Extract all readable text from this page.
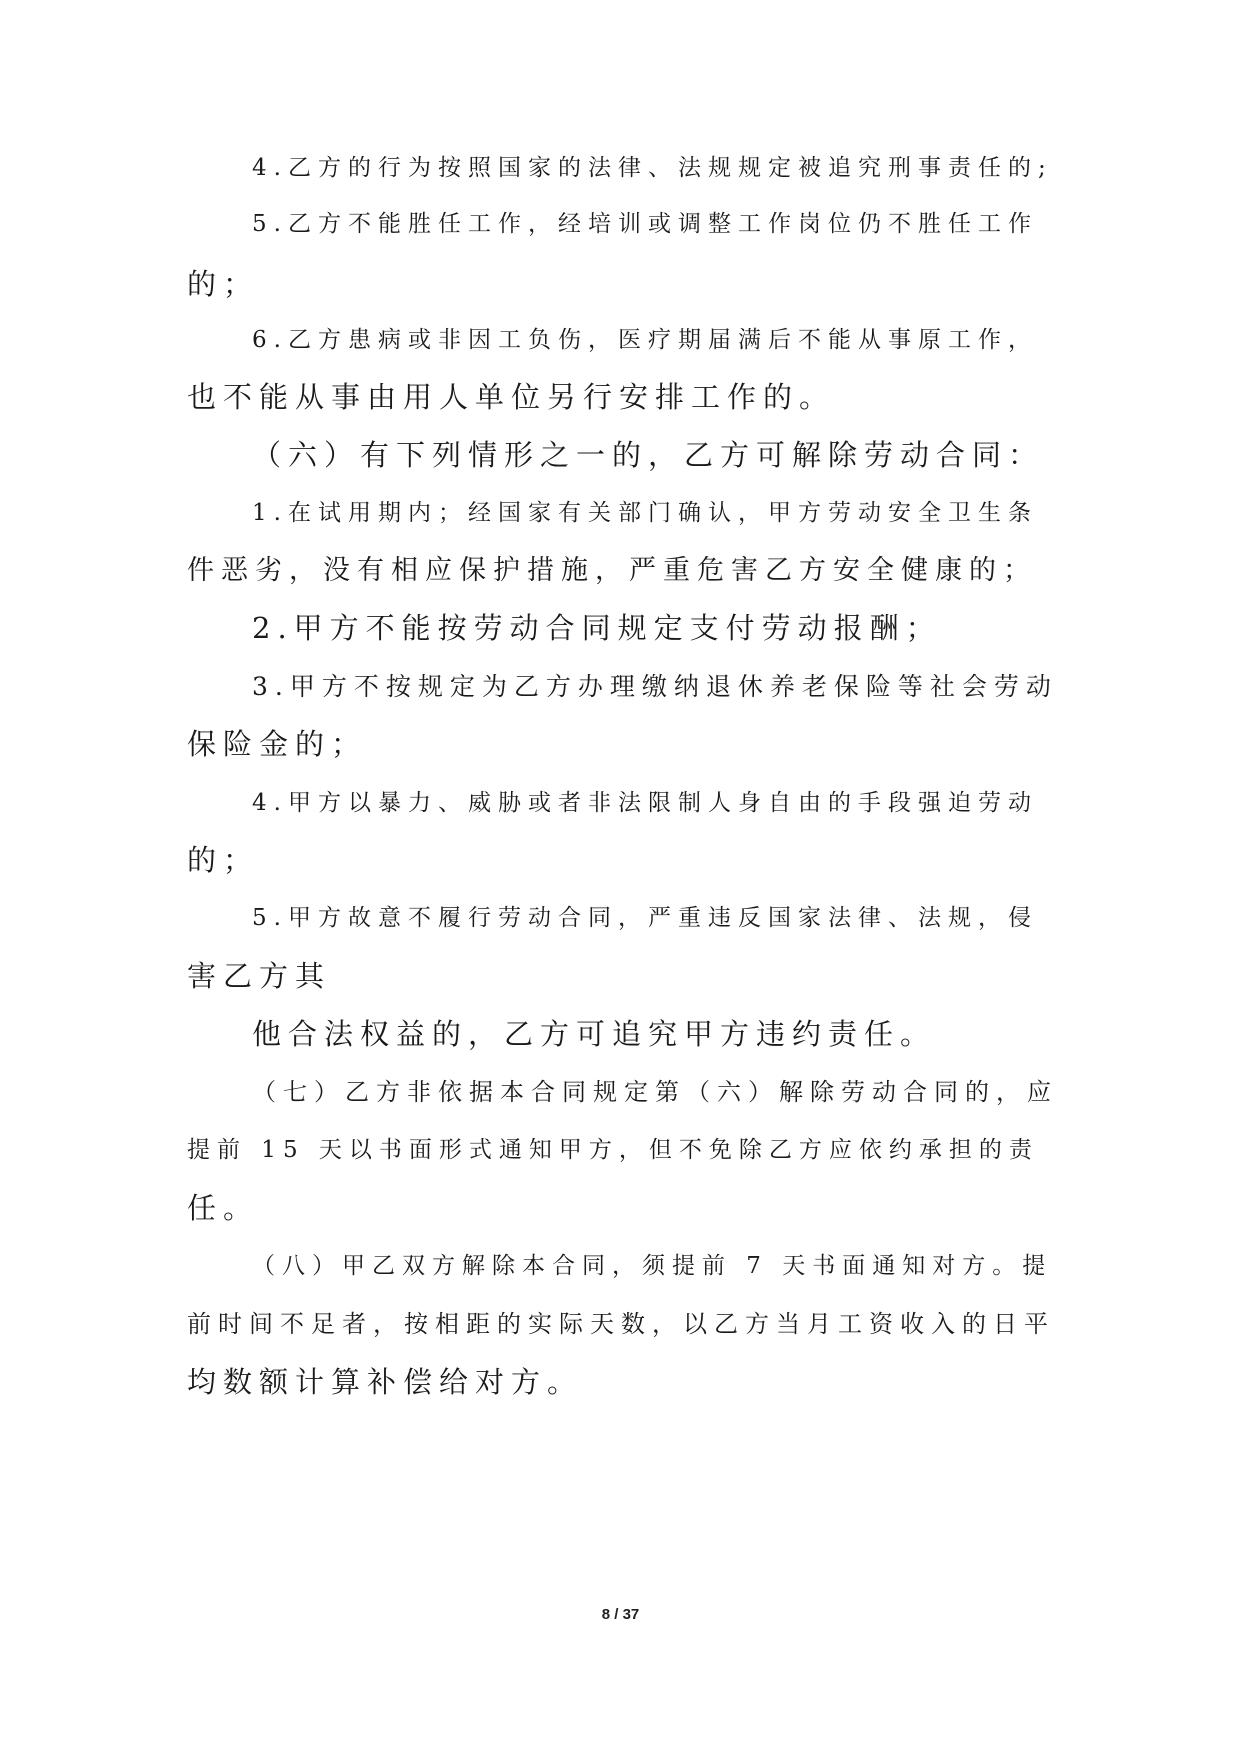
4.乙方的行为按照国家的法律、法规规定被追究刑事责任的;
5.乙方不能胜任工作，经培训或调整工作岗位仍不胜任工作
的；
6.乙方患病或非因工负伤，医疗期届满后不能从事原工作，
也不能从事由用人单位另行安排工作的。
（六）有下列情形之一的，乙方可解除劳动合同：
1.在试用期内；经国家有关部门确认，甲方劳动安全卫生条
件恶劣，没有相应保护措施，严重危害乙方安全健康的；
2.甲方不能按劳动合同规定支付劳动报酬；
3.甲方不按规定为乙方办理缴纳退休养老保险等社会劳动
保险金的；
4.甲方以暴力、威胁或者非法限制人身自由的手段强迫劳动
的；
5.甲方故意不履行劳动合同，严重违反国家法律、法规，侵
害乙方其
他合法权益的，乙方可追究甲方违约责任。
（七）乙方非依据本合同规定第（六）解除劳动合同的，应
提前 15 天以书面形式通知甲方，但不免除乙方应依约承担的责
任。
（八）甲乙双方解除本合同，须提前 7 天书面通知对方。提
前时间不足者，按相距的实际天数，以乙方当月工资收入的日平
均数额计算补偿给对方。
8 / 37
